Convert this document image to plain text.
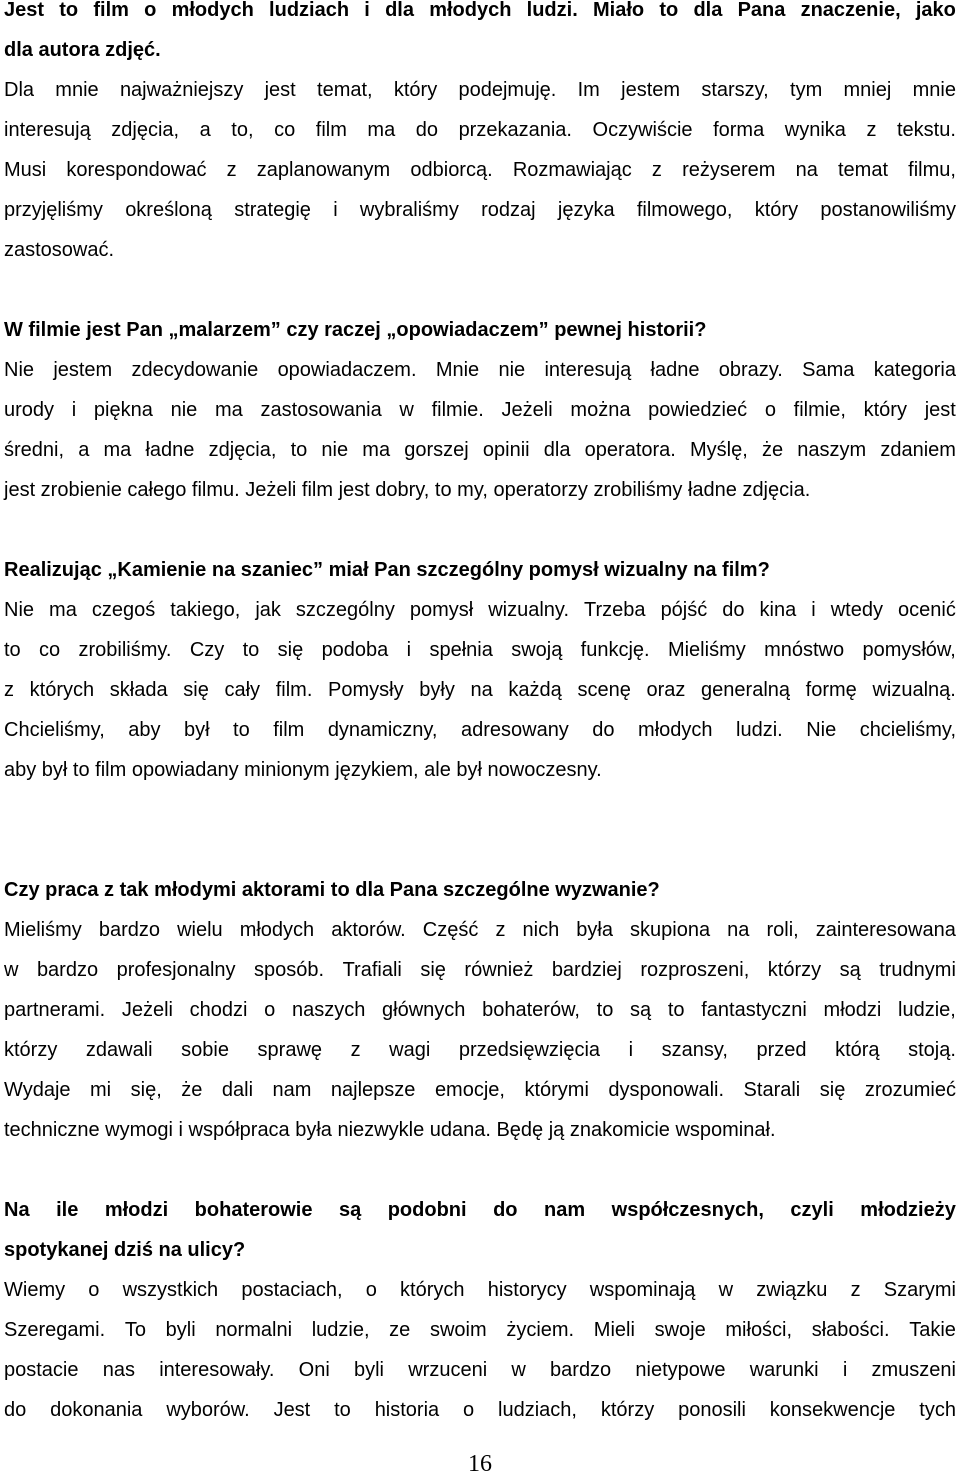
Jest to film o młodych ludziach i dla młodych ludzi. Miało to dla Pana znaczenie, jako
dla autora zdjęć.
Dla mnie najważniejszy jest temat, który podejmuję. Im jestem starszy, tym mniej mnie
interesują zdjęcia, a to, co film ma do przekazania. Oczywiście forma wynika z tekstu.
Musi korespondować z zaplanowanym odbiorcą. Rozmawiając z reżyserem na temat filmu,
przyjęliśmy określoną strategię i wybraliśmy rodzaj języka filmowego, który postanowiliśmy
zastosować.
W filmie jest Pan „malarzem” czy raczej „opowiadaczem” pewnej historii?
Nie jestem zdecydowanie opowiadaczem. Mnie nie interesują ładne obrazy. Sama kategoria
urody i piękna nie ma zastosowania w filmie. Jeżeli można powiedzieć o filmie, który jest
średni, a ma ładne zdjęcia, to nie ma gorszej opinii dla operatora. Myślę, że naszym zdaniem
jest zrobienie całego filmu. Jeżeli film jest dobry, to my, operatorzy zrobiliśmy ładne zdjęcia.
Realizując „Kamienie na szaniec” miał Pan szczególny pomysł wizualny na film?
Nie ma czegoś takiego, jak szczególny pomysł wizualny. Trzeba pójść do kina i wtedy ocenić
to co zrobiliśmy. Czy to się podoba i spełnia swoją funkcję. Mieliśmy mnóstwo pomysłów,
z których składa się cały film. Pomysły były na każdą scenę oraz generalną formę wizualną.
Chcieliśmy, aby był to film dynamiczny, adresowany do młodych ludzi. Nie chcieliśmy,
aby był to film opowiadany minionym językiem, ale był nowoczesny.
Czy praca z tak młodymi aktorami to dla Pana szczególne wyzwanie?
Mieliśmy bardzo wielu młodych aktorów. Część z nich była skupiona na roli, zainteresowana
w bardzo profesjonalny sposób. Trafiali się również bardziej rozproszeni, którzy są trudnymi
partnerami. Jeżeli chodzi o naszych głównych bohaterów, to są to fantastyczni młodzi ludzie,
którzy zdawali sobie sprawę z wagi przedsięwzięcia i szansy, przed którą stoją.
Wydaje mi się, że dali nam najlepsze emocje, którymi dysponowali. Starali się zrozumieć
techniczne wymogi i współpraca była niezwykle udana. Będę ją znakomicie wspominał.
Na ile młodzi bohaterowie są podobni do nam współczesnych, czyli młodzieży
spotykanej dziś na ulicy?
Wiemy o wszystkich postaciach, o których historycy wspominają w związku z Szarymi
Szeregami. To byli normalni ludzie, ze swoim życiem. Mieli swoje miłości, słabości. Takie
postacie nas interesowały. Oni byli wrzuceni w bardzo nietypowe warunki i zmuszeni
do dokonania wyborów. Jest to historia o ludziach, którzy ponosili konsekwencje tych
16
